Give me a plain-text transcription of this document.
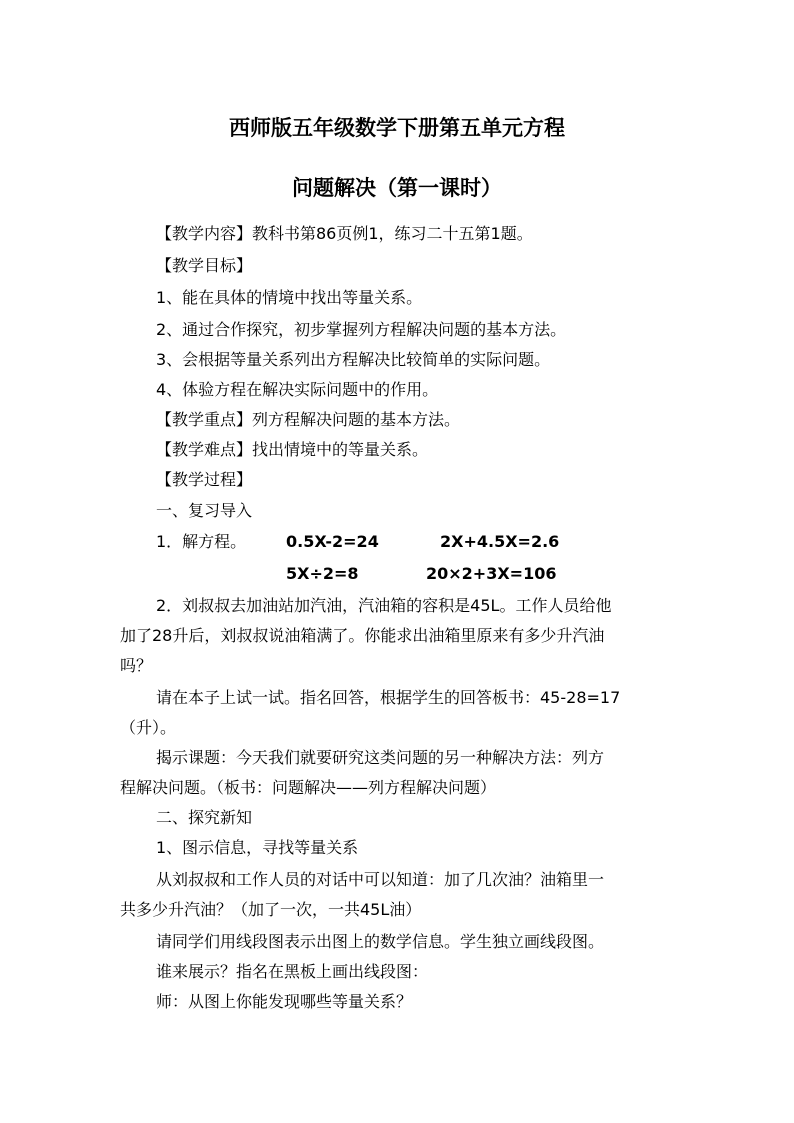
西师版五年级数学下册第五单元方程
问题解决（第一课时）
【教学内容】教科书第86页例1，练习二十五第1题。
【教学目标】
1、能在具体的情境中找出等量关系。
2、通过合作探究，初步掌握列方程解决问题的基本方法。
3、会根据等量关系列出方程解决比较简单的实际问题。
4、体验方程在解决实际问题中的作用。
【教学重点】列方程解决问题的基本方法。
【教学难点】找出情境中的等量关系。
【教学过程】
一、复习导入
1．解方程。 0.5X-2=24	2X+4.5X=2.6
5X÷2=8	20×2+3X=106
2．刘叔叔去加油站加汽油，汽油箱的容积是45L。工作人员给他
加了28升后，刘叔叔说油箱满了。你能求出油箱里原来有多少升汽油
吗？
请在本子上试一试。指名回答，根据学生的回答板书：45-28=17
（升）。
揭示课题：今天我们就要研究这类问题的另一种解决方法：列方
程解决问题。（板书：问题解决——列方程解决问题）
二、探究新知
1、图示信息，寻找等量关系
从刘叔叔和工作人员的对话中可以知道：加了几次油？油箱里一
共多少升汽油？（加了一次，一共45L油）
请同学们用线段图表示出图上的数学信息。学生独立画线段图。
谁来展示？指名在黑板上画出线段图：
师：从图上你能发现哪些等量关系？
